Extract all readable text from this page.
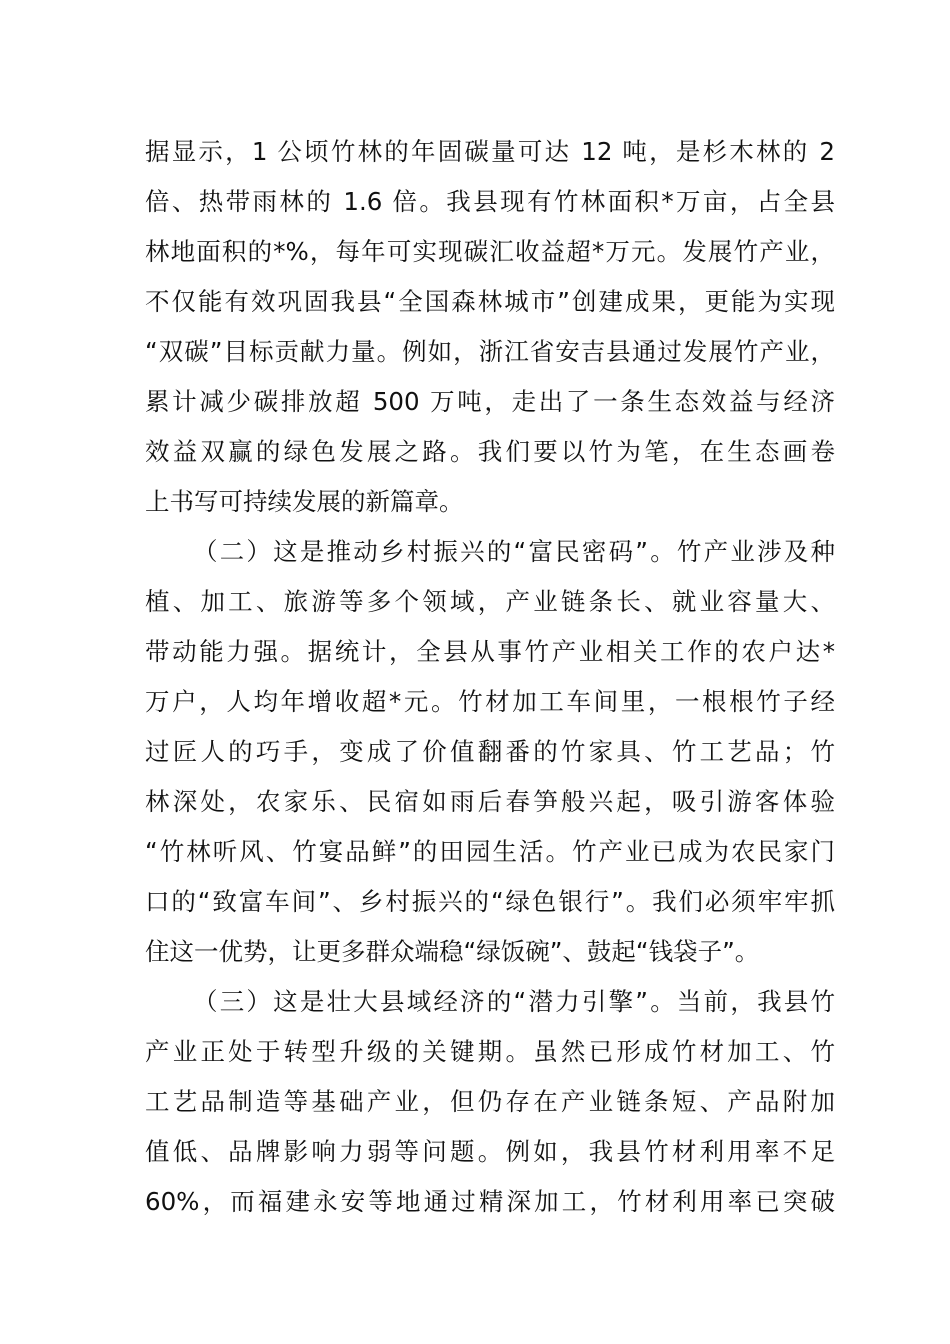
据显示，1 公顷竹林的年固碳量可达 12 吨，是杉木林的 2
倍、热带雨林的 1.6 倍。我县现有竹林面积*万亩，占全县
林地面积的*%，每年可实现碳汇收益超*万元。发展竹产业，
不仅能有效巩固我县“全国森林城市”创建成果，更能为实现
“双碳”目标贡献力量。例如，浙江省安吉县通过发展竹产业，
累计减少碳排放超 500 万吨，走出了一条生态效益与经济
效益双赢的绿色发展之路。我们要以竹为笔，在生态画卷
上书写可持续发展的新篇章。
（二）这是推动乡村振兴的“富民密码”。竹产业涉及种
植、加工、旅游等多个领域，产业链条长、就业容量大、
带动能力强。据统计，全县从事竹产业相关工作的农户达*
万户，人均年增收超*元。竹材加工车间里，一根根竹子经
过匠人的巧手，变成了价值翻番的竹家具、竹工艺品；竹
林深处，农家乐、民宿如雨后春笋般兴起，吸引游客体验
“竹林听风、竹宴品鲜”的田园生活。竹产业已成为农民家门
口的“致富车间”、乡村振兴的“绿色银行”。我们必须牢牢抓
住这一优势，让更多群众端稳“绿饭碗”、鼓起“钱袋子”。
（三）这是壮大县域经济的“潜力引擎”。当前，我县竹
产业正处于转型升级的关键期。虽然已形成竹材加工、竹
工艺品制造等基础产业，但仍存在产业链条短、产品附加
值低、品牌影响力弱等问题。例如，我县竹材利用率不足
60%，而福建永安等地通过精深加工，竹材利用率已突破
